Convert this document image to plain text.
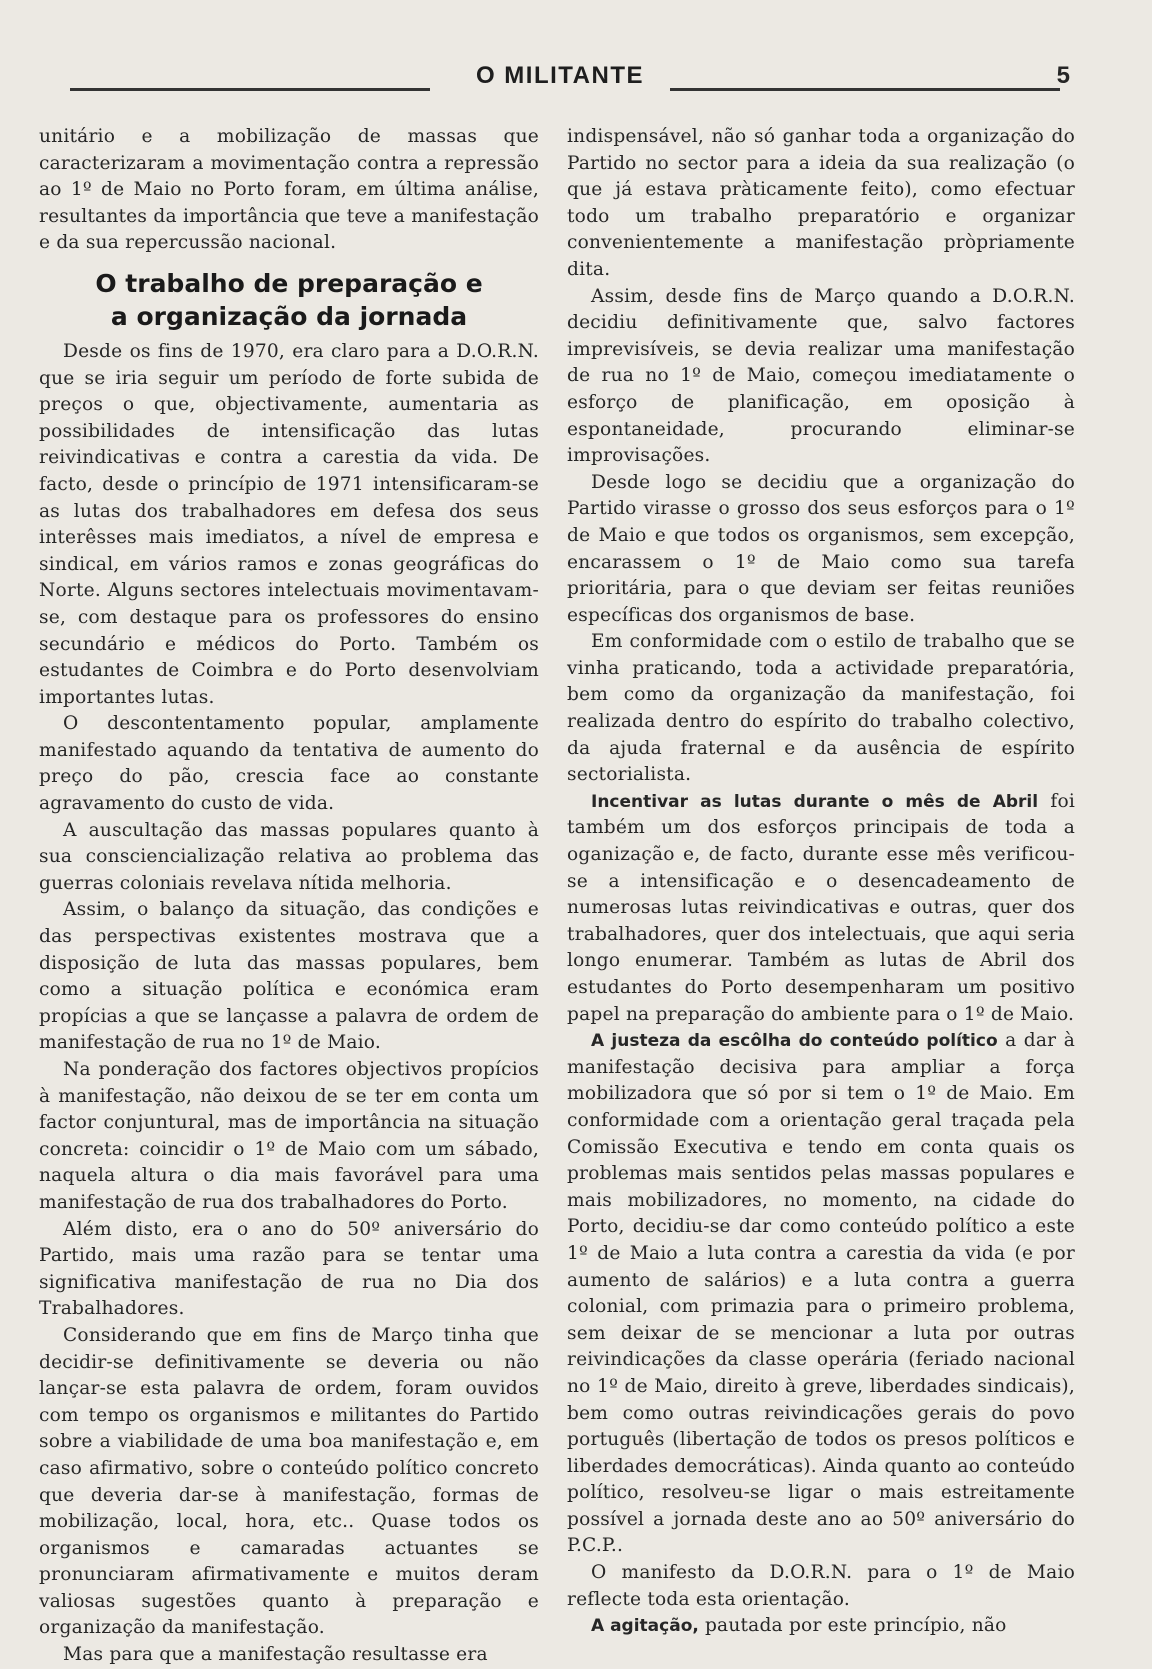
O MILITANTE	5

unitário e a mobilização de massas que caracterizaram a movimentação contra a repressão ao 1º de Maio no Porto foram, em última análise, resultantes da importância que teve a manifestação e da sua repercussão nacional.

O trabalho de preparação e
a organização da jornada

Desde os fins de 1970, era claro para a D.O.R.N. que se iria seguir um período de forte subida de preços o que, objectivamente, aumentaria as possibilidades de intensificação das lutas reivindicativas e contra a carestia da vida. De facto, desde o princípio de 1971 intensificaram-se as lutas dos trabalhadores em defesa dos seus interêsses mais imediatos, a nível de empresa e sindical, em vários ramos e zonas geográficas do Norte. Alguns sectores intelectuais movimentavam-se, com destaque para os professores do ensino secundário e médicos do Porto. Também os estudantes de Coimbra e do Porto desenvolviam importantes lutas.

O descontentamento popular, amplamente manifestado aquando da tentativa de aumento do preço do pão, crescia face ao constante agravamento do custo de vida.

A auscultação das massas populares quanto à sua consciencialização relativa ao problema das guerras coloniais revelava nítida melhoria.

Assim, o balanço da situação, das condições e das perspectivas existentes mostrava que a disposição de luta das massas populares, bem como a situação política e económica eram propícias a que se lançasse a palavra de ordem de manifestação de rua no 1º de Maio.

Na ponderação dos factores objectivos propícios à manifestação, não deixou de se ter em conta um factor conjuntural, mas de importância na situação concreta: coincidir o 1º de Maio com um sábado, naquela altura o dia mais favorável para uma manifestação de rua dos trabalhadores do Porto.

Além disto, era o ano do 50º aniversário do Partido, mais uma razão para se tentar uma significativa manifestação de rua no Dia dos Trabalhadores.

Considerando que em fins de Março tinha que decidir-se definitivamente se deveria ou não lançar-se esta palavra de ordem, foram ouvidos com tempo os organismos e militantes do Partido sobre a viabilidade de uma boa manifestação e, em caso afirmativo, sobre o conteúdo político concreto que deveria dar-se à manifestação, formas de mobilização, local, hora, etc.. Quase todos os organismos e camaradas actuantes se pronunciaram afirmativamente e muitos deram valiosas sugestões quanto à preparação e organização da manifestação.

Mas para que a manifestação resultasse era

indispensável, não só ganhar toda a organização do Partido no sector para a ideia da sua realização (o que já estava pràticamente feito), como efectuar todo um trabalho preparatório e organizar convenientemente a manifestação pròpriamente dita.

Assim, desde fins de Março quando a D.O.R.N. decidiu definitivamente que, salvo factores imprevisíveis, se devia realizar uma manifestação de rua no 1º de Maio, começou imediatamente o esforço de planificação, em oposição à espontaneidade, procurando eliminar-se improvisações.

Desde logo se decidiu que a organização do Partido virasse o grosso dos seus esforços para o 1º de Maio e que todos os organismos, sem excepção, encarassem o 1º de Maio como sua tarefa prioritária, para o que deviam ser feitas reuniões específicas dos organismos de base.

Em conformidade com o estilo de trabalho que se vinha praticando, toda a actividade preparatória, bem como da organização da manifestação, foi realizada dentro do espírito do trabalho colectivo, da ajuda fraternal e da ausência de espírito sectorialista.

Incentivar as lutas durante o mês de Abril foi também um dos esforços principais de toda a oganização e, de facto, durante esse mês verificou-se a intensificação e o desencadeamento de numerosas lutas reivindicativas e outras, quer dos trabalhadores, quer dos intelectuais, que aqui seria longo enumerar. Também as lutas de Abril dos estudantes do Porto desempenharam um positivo papel na preparação do ambiente para o 1º de Maio.

A justeza da escôlha do conteúdo político a dar à manifestação decisiva para ampliar a força mobilizadora que só por si tem o 1º de Maio. Em conformidade com a orientação geral traçada pela Comissão Executiva e tendo em conta quais os problemas mais sentidos pelas massas populares e mais mobilizadores, no momento, na cidade do Porto, decidiu-se dar como conteúdo político a este 1º de Maio a luta contra a carestia da vida (e por aumento de salários) e a luta contra a guerra colonial, com primazia para o primeiro problema, sem deixar de se mencionar a luta por outras reivindicações da classe operária (feriado nacional no 1º de Maio, direito à greve, liberdades sindicais), bem como outras reivindicações gerais do povo português (libertação de todos os presos políticos e liberdades democráticas). Ainda quanto ao conteúdo político, resolveu-se ligar o mais estreitamente possível a jornada deste ano ao 50º aniversário do P.C.P..

O manifesto da D.O.R.N. para o 1º de Maio reflecte toda esta orientação.

A agitação, pautada por este princípio, não
